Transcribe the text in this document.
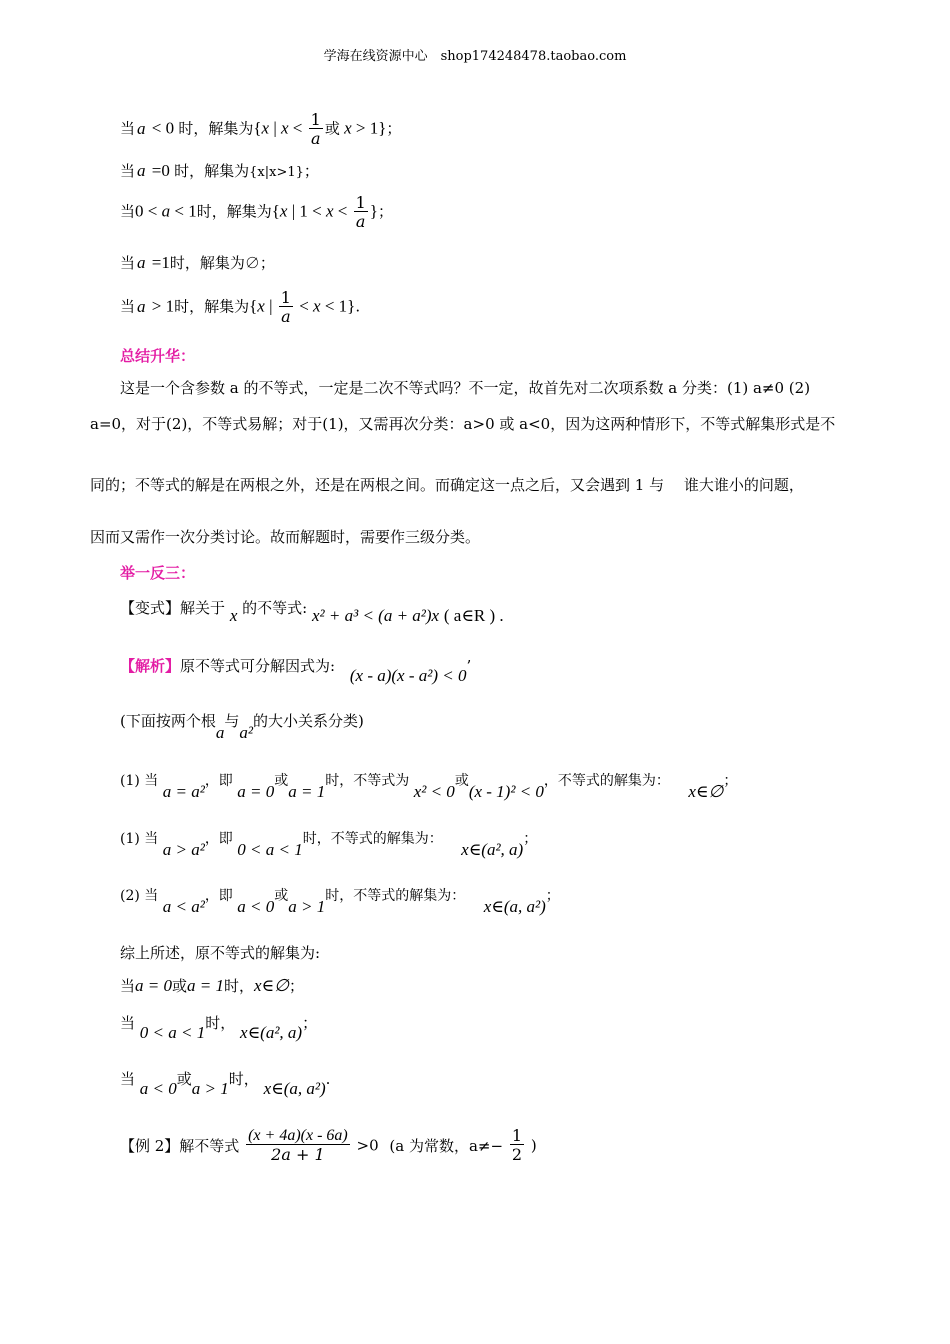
学海在线资源中心　shop174248478.taobao.com
当 a < 0 时，解集为{x | $x < \frac{1}{a}$ 或 x > 1}；
当 a =0 时，解集为{x|x>1}；
当0 < a < 1时，解集为{x | $1 < x < \frac{1}{a}$ }；
当 a =1时，解集为∅；
当 a > 1时，解集为{x | $\frac{1}{a} < x < 1$}.
总结升华：
这是一个含参数 a 的不等式，一定是二次不等式吗？不一定，故首先对二次项系数 a 分类：(1) a≠0 (2)
a=0，对于(2)，不等式易解；对于(1)，又需再次分类：a>0 或 a<0，因为这两种情形下，不等式解集形式是不
同的；不等式的解是在两根之外，还是在两根之间。而确定这一点之后，又会遇到 1 与　 谁大谁小的问题，
因而又需作一次分类讨论。故而解题时，需要作三级分类。
举一反三：
【变式】解关于 x 的不等式: x² + a³ < (a + a²)x ( a∈R ) .
【解析】原不等式可分解因式为: (x - a)(x - a²) < 0’
(下面按两个根a与a²的大小关系分类)
(1) 当 a = a²，即 a = 0或a = 1时，不等式为 x² < 0或(x - 1)² < 0，不等式的解集为： x∈∅；
(1) 当 a > a²，即 0 < a < 1时，不等式的解集为： x∈(a², a)；
(2) 当 a < a²，即 a < 0或a > 1时，不等式的解集为： x∈(a, a²)；
综上所述，原不等式的解集为:
当a = 0或a = 1时，x∈∅；
当 0 < a < 1时， x∈(a², a)；
当 a < 0或a > 1时， x∈(a, a²).
【例 2】解不等式 $\frac{(x + 4a)(x - 6a)}{2a + 1} >0$ (a 为常数，$a\ne- \frac{1}{2}$ )
